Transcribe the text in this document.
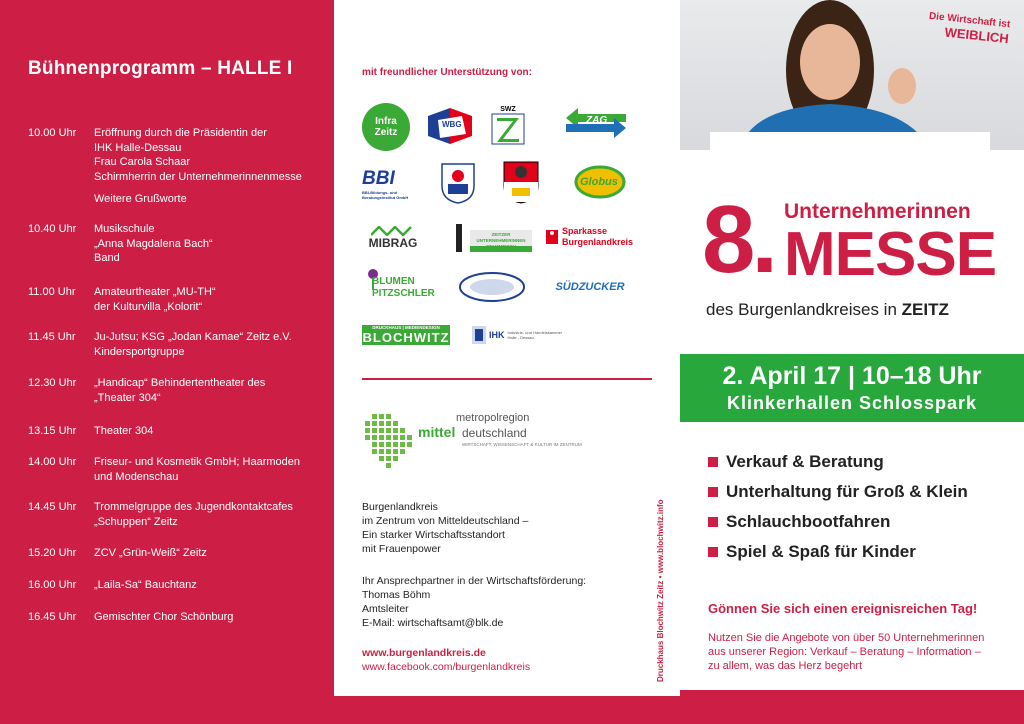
Bühnenprogramm – HALLE I
10.00 Uhr	Eröffnung durch die Präsidentin der
IHK Halle-Dessau
Frau Carola Schaar
Schirmherrin der Unternehmerinnenmesse
Weitere Grußworte
10.40 Uhr	Musikschule
„Anna Magdalena Bach“
Band
11.00 Uhr	Amateurtheater „MU-TH“
der Kulturvilla „Kolorit“
11.45 Uhr	Ju-Jutsu; KSG „Jodan Kamae“ Zeitz e.V.
Kindersportgruppe
12.30 Uhr	„Handicap“ Behindertentheater des
„Theater 304“
13.15 Uhr	Theater 304
14.00 Uhr	Friseur- und Kosmetik GmbH; Haarmoden
und Modenschau
14.45 Uhr	Trommelgruppe des Jugendkontaktcafes
„Schuppen“ Zeitz
15.20 Uhr	ZCV „Grün-Weiß“ Zeitz
16.00 Uhr	„Laila-Sa“ Bauchtanz
16.45 Uhr	Gemischter Chor Schönburg
mit freundlicher Unterstützung von:
Infra Zeitz
WBG
SWZ
ZAG
BBI
BBI-Bildungs- und Beratungsinstitut GmbH
Globus
MIBRAG
ZEITZER UNTERNEHMERINNEN STAMMTISCH
Sparkasse Burgenlandkreis
BLUMEN PITZSCHLER
SÜDZUCKER
DRUCKHAUS | MEDIENDESIGN
BLOCHWITZ	IHK Industrie- und Handelskammer Halle - Dessau
metropolregion
mittel deutschland
WIRTSCHAFT, WISSENSCHAFT & KULTUR IM ZENTRUM
Burgenlandkreis
im Zentrum von Mitteldeutschland –
Ein starker Wirtschaftsstandort
mit Frauenpower
Ihr Ansprechpartner in der Wirtschaftsförderung:
Thomas Böhm
Amtsleiter
E-Mail: wirtschaftsamt@blk.de
www.burgenlandkreis.de
www.facebook.com/burgenlandkreis	Druckhaus Blochwitz Zeitz • www.blochwitz.info
Die Wirtschaft ist
WEIBLICH
8. Unternehmerinnen
MESSE
des Burgenlandkreises in ZEITZ
2. April 17 | 10–18 Uhr
Klinkerhallen Schlosspark
Verkauf & Beratung
Unterhaltung für Groß & Klein
Schlauchbootfahren
Spiel & Spaß für Kinder
Gönnen Sie sich einen ereignisreichen Tag!
Nutzen Sie die Angebote von über 50 Unternehmerinnen
aus unserer Region: Verkauf – Beratung – Information –
zu allem, was das Herz begehrt
